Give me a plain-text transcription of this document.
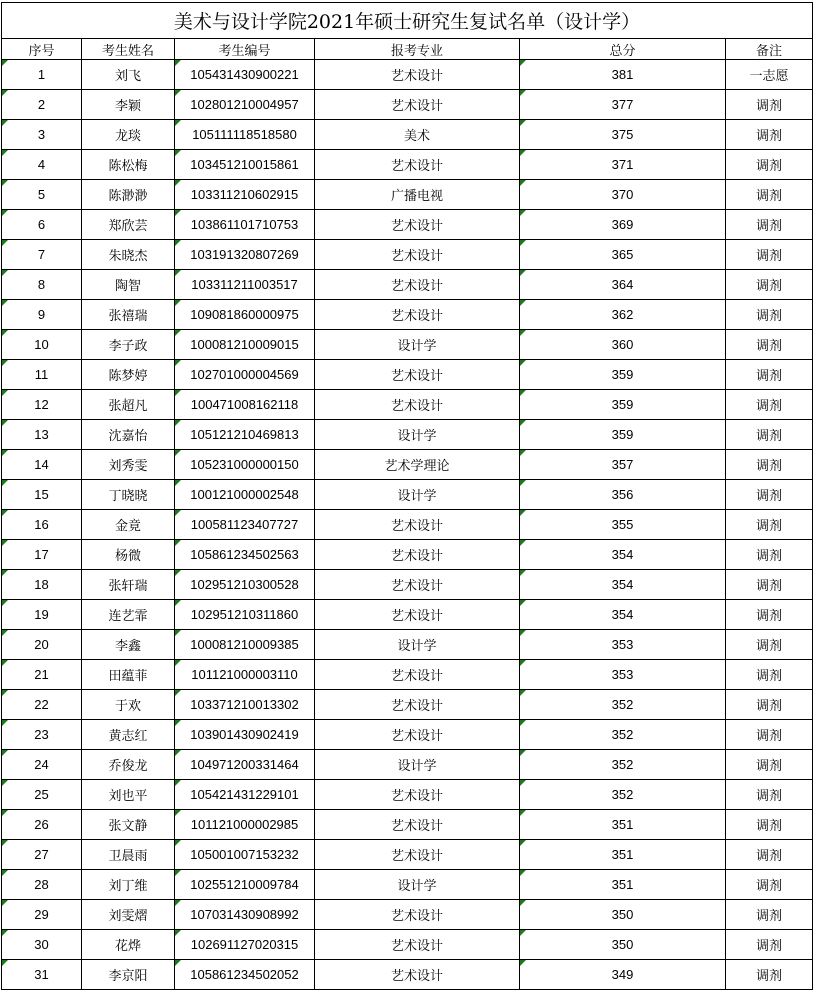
美术与设计学院2021年硕士研究生复试名单（设计学）					
序号	考生姓名	考生编号	报考专业	总分	备注
1	刘飞	105431430900221	艺术设计	381	一志愿
2	李颖	102801210004957	艺术设计	377	调剂
3	龙琰	105111118518580	美术	375	调剂
4	陈松梅	103451210015861	艺术设计	371	调剂
5	陈渺渺	103311210602915	广播电视	370	调剂
6	郑欣芸	103861101710753	艺术设计	369	调剂
7	朱晓杰	103191320807269	艺术设计	365	调剂
8	陶智	103311211003517	艺术设计	364	调剂
9	张禧瑞	109081860000975	艺术设计	362	调剂
10	李子政	100081210009015	设计学	360	调剂
11	陈梦婷	102701000004569	艺术设计	359	调剂
12	张超凡	100471008162118	艺术设计	359	调剂
13	沈嘉怡	105121210469813	设计学	359	调剂
14	刘秀雯	105231000000150	艺术学理论	357	调剂
15	丁晓晓	100121000002548	设计学	356	调剂
16	金竟	100581123407727	艺术设计	355	调剂
17	杨微	105861234502563	艺术设计	354	调剂
18	张轩瑞	102951210300528	艺术设计	354	调剂
19	连艺霏	102951210311860	艺术设计	354	调剂
20	李鑫	100081210009385	设计学	353	调剂
21	田蕴菲	101121000003110	艺术设计	353	调剂
22	于欢	103371210013302	艺术设计	352	调剂
23	黄志红	103901430902419	艺术设计	352	调剂
24	乔俊龙	104971200331464	设计学	352	调剂
25	刘也平	105421431229101	艺术设计	352	调剂
26	张文静	101121000002985	艺术设计	351	调剂
27	卫晨雨	105001007153232	艺术设计	351	调剂
28	刘丁维	102551210009784	设计学	351	调剂
29	刘雯熠	107031430908992	艺术设计	350	调剂
30	花烨	102691127020315	艺术设计	350	调剂
31	李京阳	105861234502052	艺术设计	349	调剂
